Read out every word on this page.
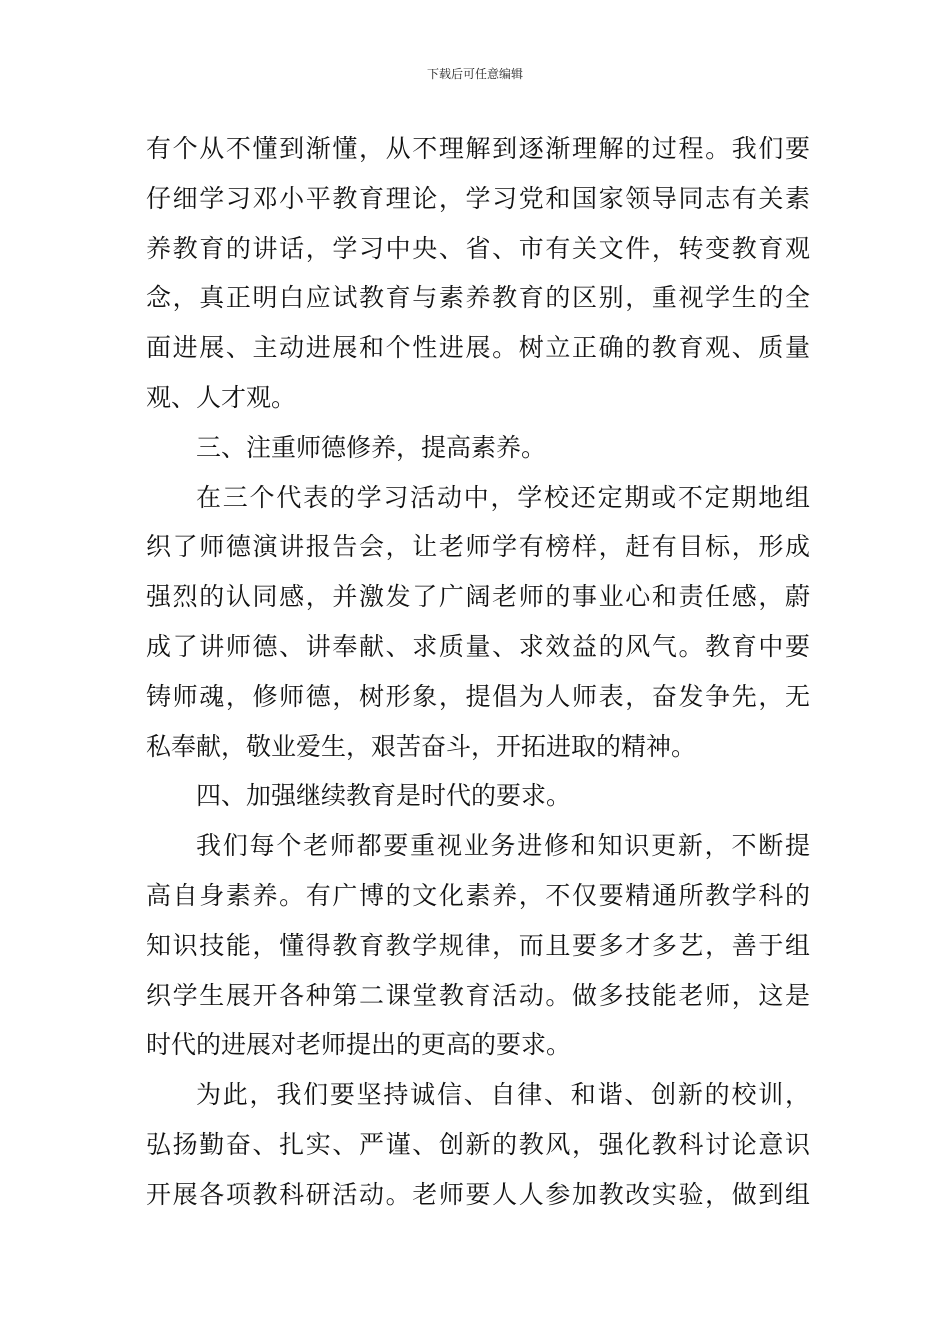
下载后可任意编辑
有个从不懂到渐懂，从不理解到逐渐理解的过程。我们要
仔细学习邓小平教育理论，学习党和国家领导同志有关素
养教育的讲话，学习中央、省、市有关文件，转变教育观
念，真正明白应试教育与素养教育的区别，重视学生的全
面进展、主动进展和个性进展。树立正确的教育观、质量
观、人才观。
三、注重师德修养，提高素养。
在三个代表的学习活动中，学校还定期或不定期地组
织了师德演讲报告会，让老师学有榜样，赶有目标，形成
强烈的认同感，并激发了广阔老师的事业心和责任感，蔚
成了讲师德、讲奉献、求质量、求效益的风气。教育中要
铸师魂，修师德，树形象，提倡为人师表，奋发争先，无
私奉献，敬业爱生，艰苦奋斗，开拓进取的精神。
四、加强继续教育是时代的要求。
我们每个老师都要重视业务进修和知识更新，不断提
高自身素养。有广博的文化素养，不仅要精通所教学科的
知识技能，懂得教育教学规律，而且要多才多艺，善于组
织学生展开各种第二课堂教育活动。做多技能老师，这是
时代的进展对老师提出的更高的要求。
为此，我们要坚持诚信、自律、和谐、创新的校训，
弘扬勤奋、扎实、严谨、创新的教风，强化教科讨论意识
开展各项教科研活动。老师要人人参加教改实验，做到组
